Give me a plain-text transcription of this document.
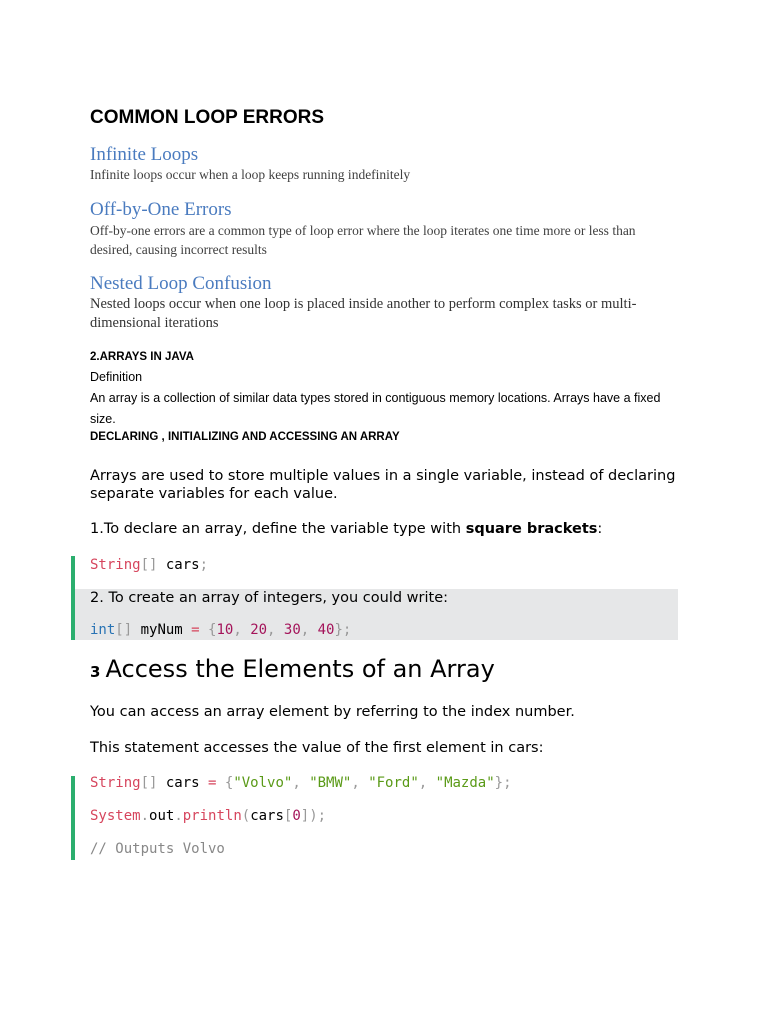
COMMON LOOP ERRORS
Infinite Loops
Infinite loops occur when a loop keeps running indefinitely
Off-by-One Errors
Off-by-one errors are a common type of loop error where the loop iterates one time more or less than desired, causing incorrect results
Nested Loop Confusion
Nested loops occur when one loop is placed inside another to perform complex tasks or multi-dimensional iterations
2.ARRAYS IN JAVA
Definition
An array is a collection of similar data types stored in contiguous memory locations. Arrays have a fixed size.
DECLARING , INITIALIZING AND ACCESSING AN ARRAY
Arrays are used to store multiple values in a single variable, instead of declaring separate variables for each value.
1.To declare an array, define the variable type with square brackets:
String[] cars;
2. To create an array of integers, you could write:
int[] myNum = {10, 20, 30, 40};
3 Access the Elements of an Array
You can access an array element by referring to the index number.
This statement accesses the value of the first element in cars:
String[] cars = {"Volvo", "BMW", "Ford", "Mazda"};
System.out.println(cars[0]);
// Outputs Volvo
